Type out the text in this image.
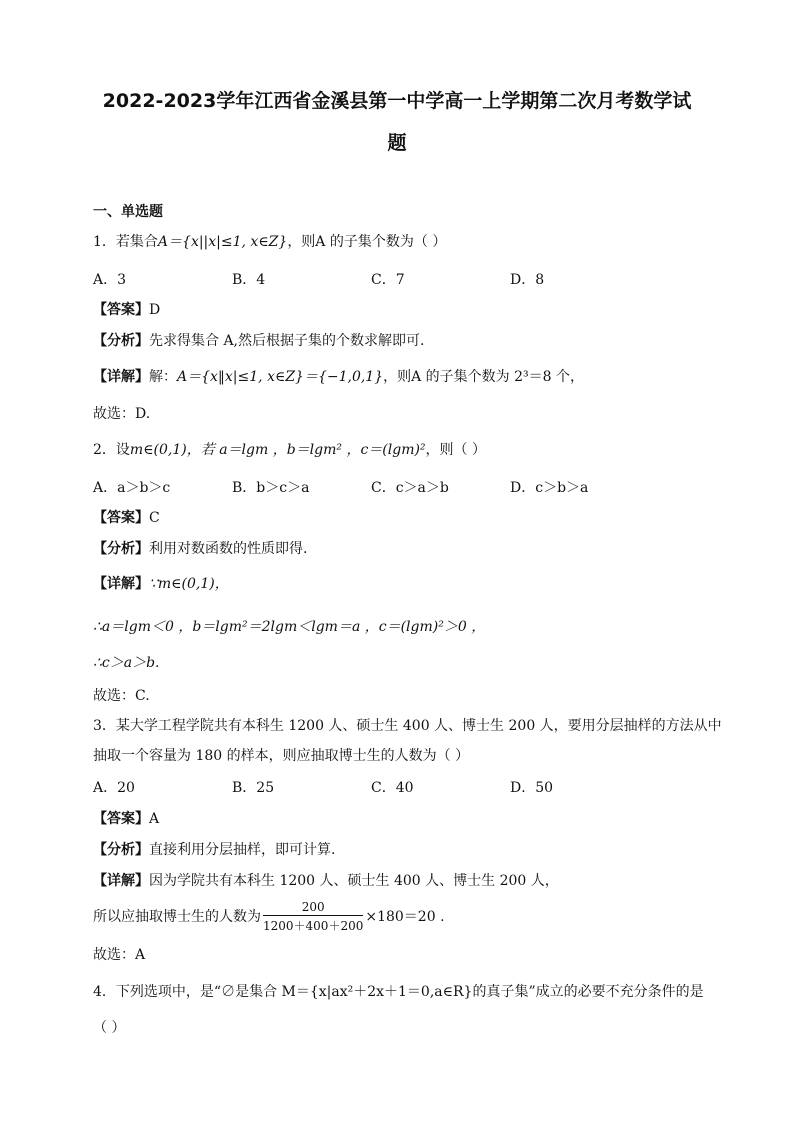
2022-2023学年江西省金溪县第一中学高一上学期第二次月考数学试
题
一、单选题
1．若集合A＝{x||x|≤1, x∈Z}，则A 的子集个数为（ ）
A．3	B．4	C．7	D．8
【答案】D
【分析】先求得集合 A,然后根据子集的个数求解即可.
【详解】解：A＝{x‖x|≤1, x∈Z}＝{−1,0,1}，则A 的子集个数为 2³＝8 个，
故选：D.
2．设m∈(0,1)，若 a＝lgm ，b＝lgm² ，c＝(lgm)²，则（ ）
A．a＞b＞c	B．b＞c＞a	C．c＞a＞b	D．c＞b＞a
【答案】C
【分析】利用对数函数的性质即得.
【详解】∵m∈(0,1)，
∴a＝lgm＜0 ，b＝lgm²＝2lgm＜lgm＝a ，c＝(lgm)²＞0 ，
∴c＞a＞b.
故选：C.
3．某大学工程学院共有本科生 1200 人、硕士生 400 人、博士生 200 人，要用分层抽样的方法从中
抽取一个容量为 180 的样本，则应抽取博士生的人数为（ ）
A．20	B．25	C．40	D．50
【答案】A
【分析】直接利用分层抽样，即可计算.
【详解】因为学院共有本科生 1200 人、硕士生 400 人、博士生 200 人，
所以应抽取博士生的人数为 $\frac{200}{1200+400+200} \times 180=20$ .
故选：A
4．下列选项中，是“∅是集合 M＝{x|ax²＋2x＋1＝0,a∈R}的真子集”成立的必要不充分条件的是
（ ）
